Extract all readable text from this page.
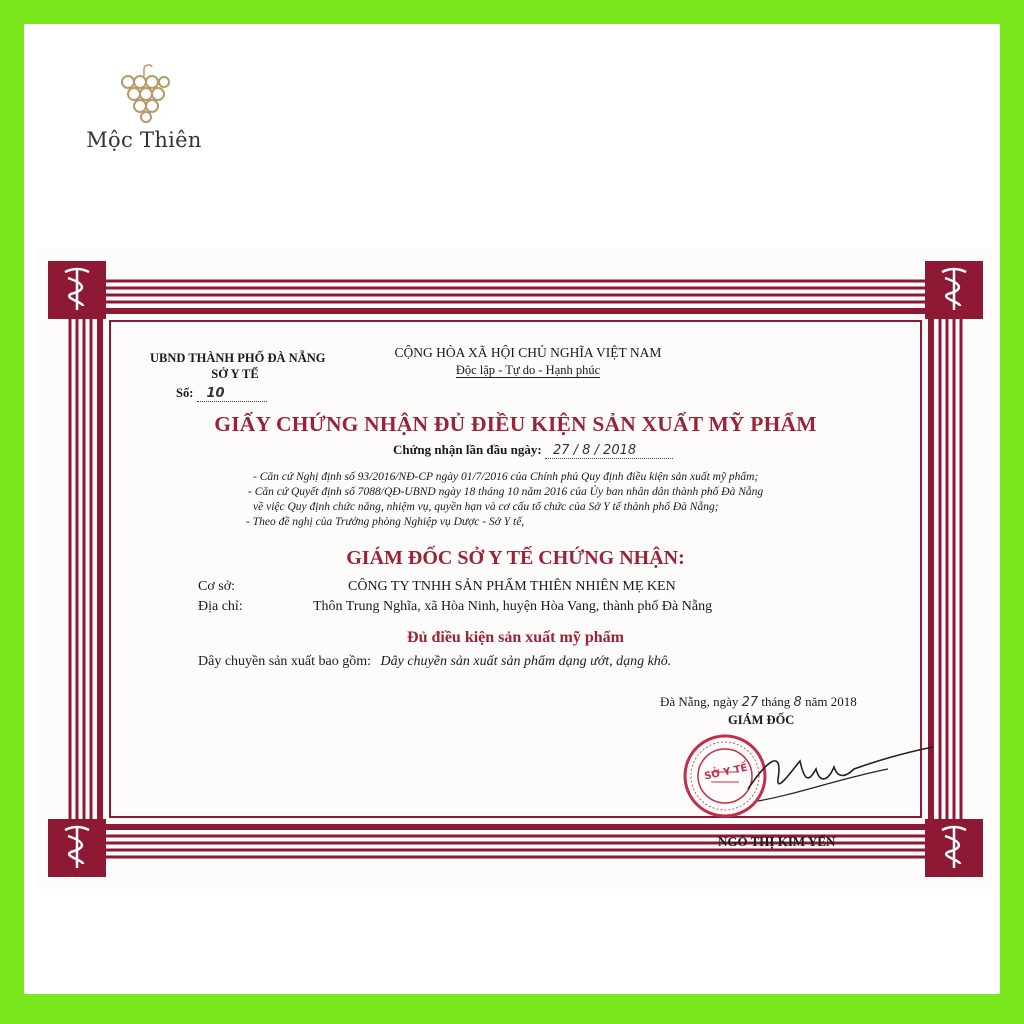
Mộc Thiên
UBND THÀNH PHỐ ĐÀ NẴNG
SỞ Y TẾ
Số: 10
CỘNG HÒA XÃ HỘI CHỦ NGHĨA VIỆT NAM
Độc lập - Tự do - Hạnh phúc
GIẤY CHỨNG NHẬN ĐỦ ĐIỀU KIỆN SẢN XUẤT MỸ PHẨM
Chứng nhận lần đầu ngày: 27 / 8 / 2018
- Căn cứ Nghị định số 93/2016/NĐ-CP ngày 01/7/2016 của Chính phủ Quy định điều kiện sản xuất mỹ phẩm;
- Căn cứ Quyết định số 7088/QĐ-UBND ngày 18 tháng 10 năm 2016 của Ủy ban nhân dân thành phố Đà Nẵng
về việc Quy định chức năng, nhiệm vụ, quyền hạn và cơ cấu tổ chức của Sở Y tế thành phố Đà Nẵng;
- Theo đề nghị của Trưởng phòng Nghiệp vụ Dược - Sở Y tế,
GIÁM ĐỐC SỞ Y TẾ CHỨNG NHẬN:
Cơ sở:	CÔNG TY TNHH SẢN PHẨM THIÊN NHIÊN MẸ KEN
Địa chỉ:	Thôn Trung Nghĩa, xã Hòa Ninh, huyện Hòa Vang, thành phố Đà Nẵng
Đủ điều kiện sản xuất mỹ phẩm
Dây chuyền sản xuất bao gồm: Dây chuyền sản xuất sản phẩm dạng ướt, dạng khô.
Đà Nẵng, ngày 27 tháng 8 năm 2018
GIÁM ĐỐC
SỞ Y TẾ
NGÔ THỊ KIM YẾN
